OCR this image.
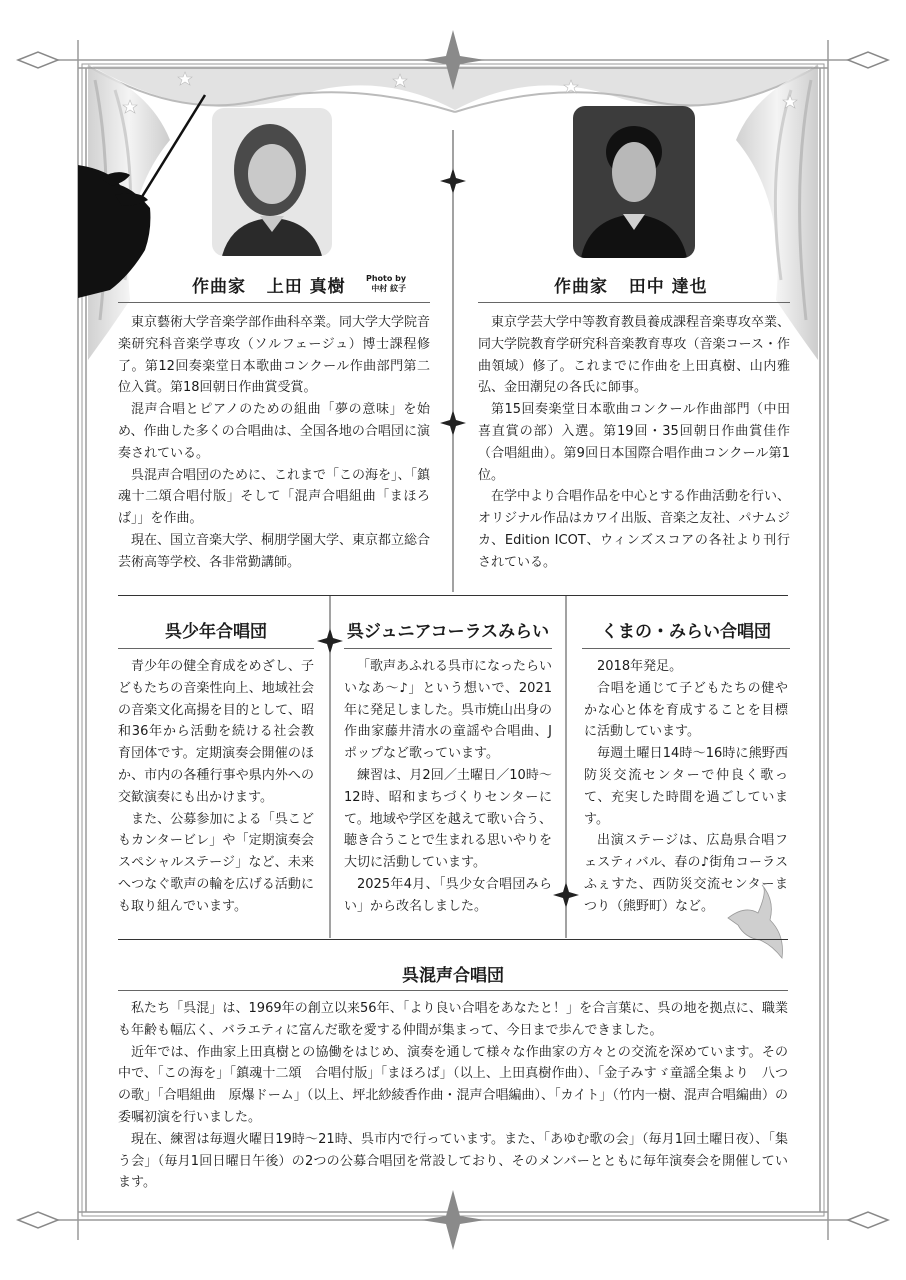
作曲家 上田 真樹	Photo by
中村 紋子	作曲家 田中 達也

東京藝術大学音楽学部作曲科卒業。同大学大学院音楽研究科音楽学専攻（ソルフェージュ）博士課程修了。第12回奏楽堂日本歌曲コンクール作曲部門第二位入賞。第18回朝日作曲賞受賞。

混声合唱とピアノのための組曲「夢の意味」を始め、作曲した多くの合唱曲は、全国各地の合唱団に演奏されている。

呉混声合唱団のために、これまで「この海を」、「鎮魂十二頌合唱付版」そして「混声合唱組曲「まほろば」」を作曲。

現在、国立音楽大学、桐朋学園大学、東京都立総合芸術高等学校、各非常勤講師。

東京学芸大学中等教育教員養成課程音楽専攻卒業、同大学院教育学研究科音楽教育専攻（音楽コース・作曲領域）修了。これまでに作曲を上田真樹、山内雅弘、金田潮兒の各氏に師事。

第15回奏楽堂日本歌曲コンクール作曲部門（中田喜直賞の部）入選。第19回・35回朝日作曲賞佳作（合唱組曲）。第9回日本国際合唱作曲コンクール第1位。

在学中より合唱作品を中心とする作曲活動を行い、オリジナル作品はカワイ出版、音楽之友社、パナムジカ、Edition ICOT、ウィンズスコアの各社より刊行されている。

呉少年合唱団	呉ジュニアコーラスみらい	くまの・みらい合唱団

青少年の健全育成をめざし、子どもたちの音楽性向上、地域社会の音楽文化高揚を目的として、昭和36年から活動を続ける社会教育団体です。定期演奏会開催のほか、市内の各種行事や県内外への交歓演奏にも出かけます。

また、公募参加による「呉こどもカンタービレ」や「定期演奏会スペシャルステージ」など、未来へつなぐ歌声の輪を広げる活動にも取り組んでいます。

「歌声あふれる呉市になったらいいなあ～♪」という想いで、2021年に発足しました。呉市焼山出身の作曲家藤井清水の童謡や合唱曲、Jポップなど歌っています。

練習は、月2回／土曜日／10時～12時、昭和まちづくりセンターにて。地域や学区を越えて歌い合う、聴き合うことで生まれる思いやりを大切に活動しています。

2025年4月、「呉少女合唱団みらい」から改名しました。

2018年発足。

合唱を通じて子どもたちの健やかな心と体を育成することを目標に活動しています。

毎週土曜日14時～16時に熊野西防災交流センターで仲良く歌って、充実した時間を過ごしています。

出演ステージは、広島県合唱フェスティバル、春の♪街角コーラスふぇすた、西防災交流センターまつり（熊野町）など。

呉混声合唱団

私たち「呉混」は、1969年の創立以来56年、「より良い合唱をあなたと！」を合言葉に、呉の地を拠点に、職業も年齢も幅広く、バラエティに富んだ歌を愛する仲間が集まって、今日まで歩んできました。

近年では、作曲家上田真樹との協働をはじめ、演奏を通して様々な作曲家の方々との交流を深めています。その中で、「この海を」「鎮魂十二頌　合唱付版」「まほろば」（以上、上田真樹作曲）、「金子みすゞ童謡全集より　八つの歌」「合唱組曲　原爆ドーム」（以上、坪北紗綾香作曲・混声合唱編曲）、「カイト」（竹内一樹、混声合唱編曲）の委嘱初演を行いました。

現在、練習は毎週火曜日19時～21時、呉市内で行っています。また、「あゆむ歌の会」（毎月1回土曜日夜）、「集う会」（毎月1回日曜日午後）の2つの公募合唱団を常設しており、そのメンバーとともに毎年演奏会を開催しています。
